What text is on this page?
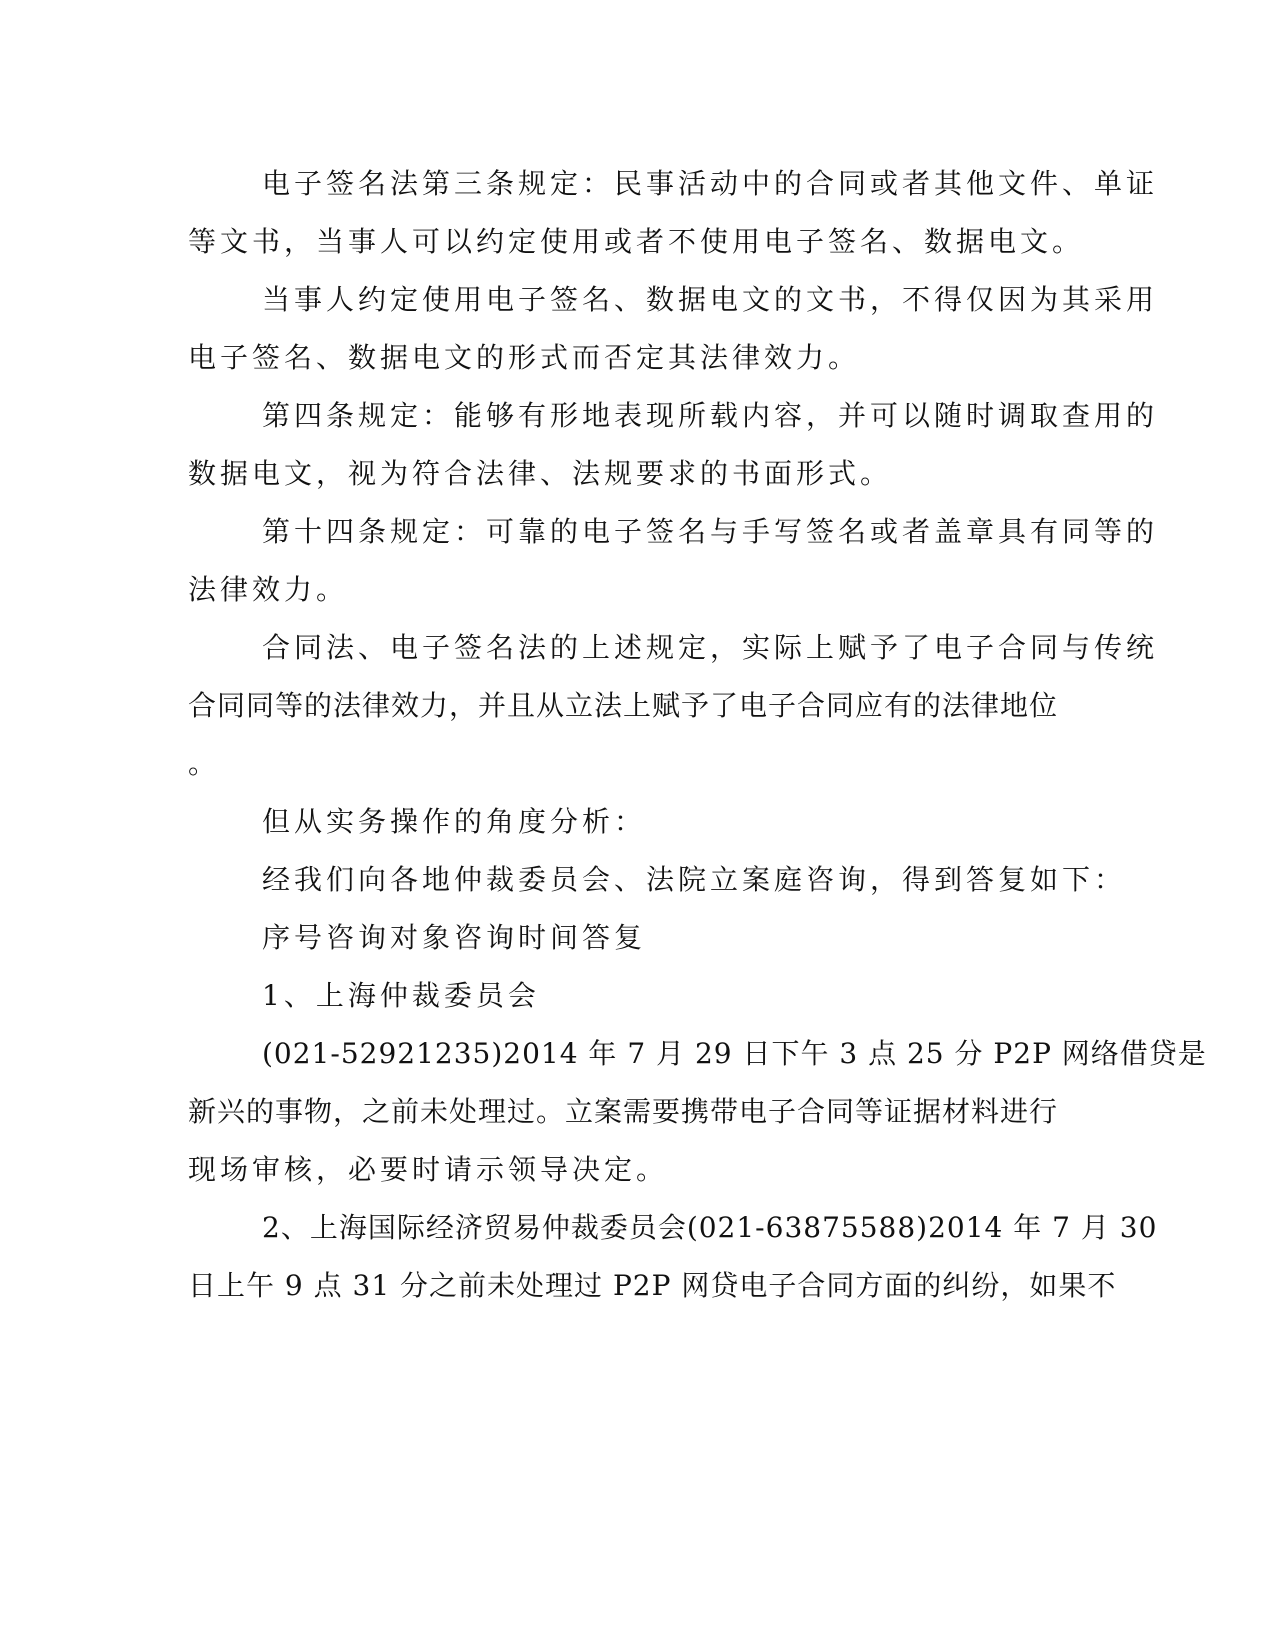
电子签名法第三条规定：民事活动中的合同或者其他文件、单证

等文书，当事人可以约定使用或者不使用电子签名、数据电文。

当事人约定使用电子签名、数据电文的文书，不得仅因为其采用

电子签名、数据电文的形式而否定其法律效力。

第四条规定：能够有形地表现所载内容，并可以随时调取查用的

数据电文，视为符合法律、法规要求的书面形式。

第十四条规定：可靠的电子签名与手写签名或者盖章具有同等的

法律效力。

合同法、电子签名法的上述规定，实际上赋予了电子合同与传统

合同同等的法律效力，并且从立法上赋予了电子合同应有的法律地位

。

但从实务操作的角度分析：

经我们向各地仲裁委员会、法院立案庭咨询，得到答复如下：

序号咨询对象咨询时间答复

1、上海仲裁委员会

(021-52921235)2014 年 7 月 29 日下午 3 点 25 分 P2P 网络借贷是

新兴的事物，之前未处理过。立案需要携带电子合同等证据材料进行

现场审核，必要时请示领导决定。

2、上海国际经济贸易仲裁委员会(021-63875588)2014 年 7 月 30

日上午 9 点 31 分之前未处理过 P2P 网贷电子合同方面的纠纷，如果不
